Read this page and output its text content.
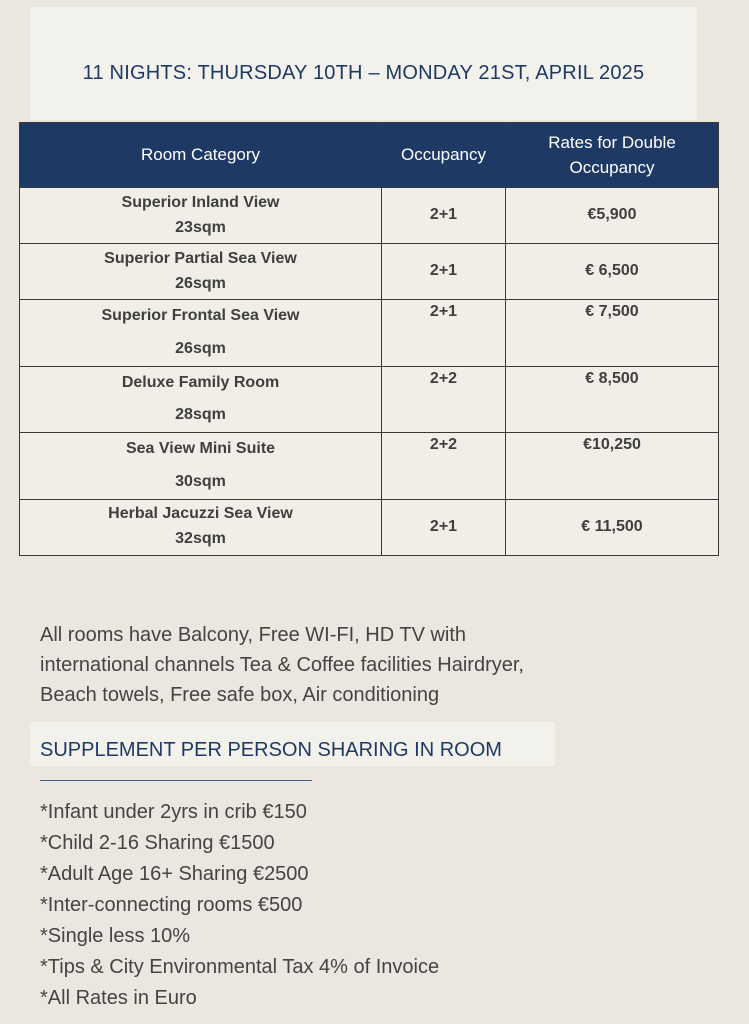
11 NIGHTS: THURSDAY 10TH – MONDAY 21ST, APRIL 2025
Room Category	Occupancy	Rates for Double Occupancy

Superior Inland View
23sqm	2+1	€5,900

Superior Partial Sea View
26sqm	2+1	€ 6,500

Superior Frontal Sea View
26sqm	2+1	€ 7,500

Deluxe Family Room
28sqm	2+2	€ 8,500

Sea View Mini Suite
30sqm	2+2	€10,250

Herbal Jacuzzi Sea View
32sqm	2+1	€ 11,500
All rooms have Balcony, Free WI-FI, HD TV with
international channels Tea & Coffee facilities Hairdryer,
Beach towels, Free safe box, Air conditioning
SUPPLEMENT PER PERSON SHARING IN ROOM
*Infant under 2yrs in crib €150
*Child 2-16 Sharing €1500
*Adult Age 16+ Sharing €2500
*Inter-connecting rooms €500
*Single less 10%
*Tips & City Environmental Tax 4% of Invoice
*All Rates in Euro
